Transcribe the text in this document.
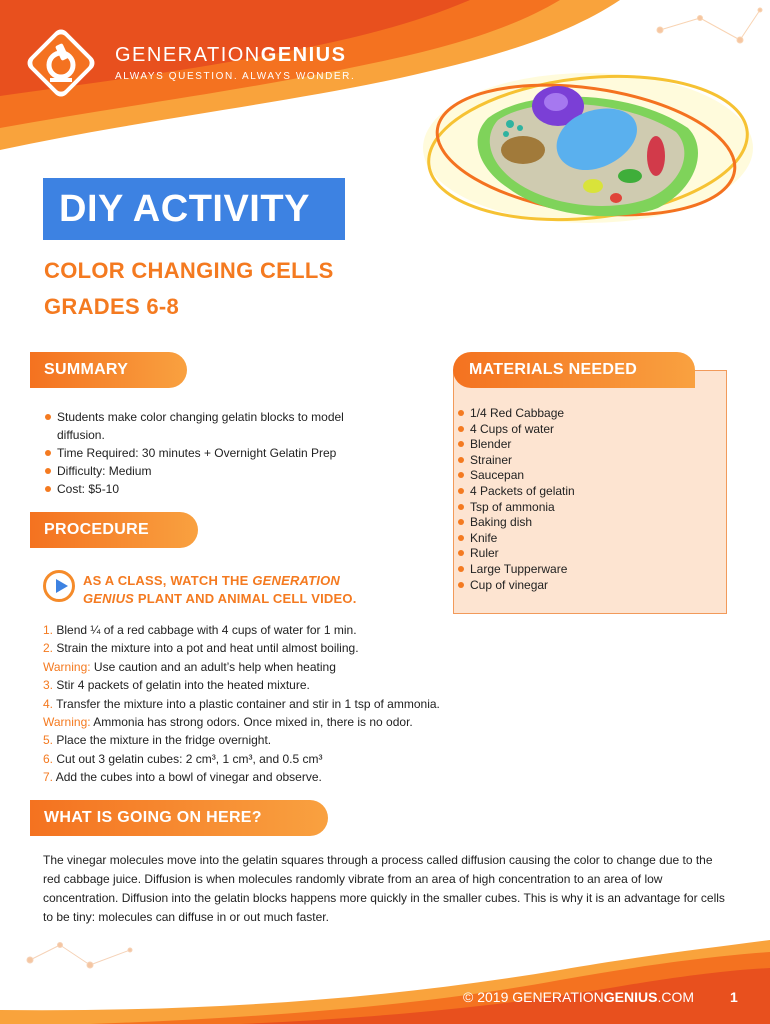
GENERATIONGENIUS
ALWAYS QUESTION. ALWAYS WONDER.
DIY ACTIVITY
COLOR CHANGING CELLS
GRADES 6-8
SUMMARY
Students make color changing gelatin blocks to model diffusion.
Time Required: 30 minutes + Overnight Gelatin Prep
Difficulty: Medium
Cost: $5-10
MATERIALS NEEDED
1/4 Red Cabbage
4 Cups of water
Blender
Strainer
Saucepan
4 Packets of gelatin
Tsp of ammonia
Baking dish
Knife
Ruler
Large Tupperware
Cup of vinegar
PROCEDURE
AS A CLASS, WATCH THE GENERATION
GENIUS PLANT AND ANIMAL CELL VIDEO.
1. Blend ¼ of a red cabbage with 4 cups of water for 1 min.
2. Strain the mixture into a pot and heat until almost boiling.
Warning: Use caution and an adult’s help when heating
3. Stir 4 packets of gelatin into the heated mixture.
4. Transfer the mixture into a plastic container and stir in 1 tsp of ammonia.
Warning: Ammonia has strong odors. Once mixed in, there is no odor.
5. Place the mixture in the fridge overnight.
6. Cut out 3 gelatin cubes: 2 cm³, 1 cm³, and 0.5 cm³
7. Add the cubes into a bowl of vinegar and observe.
WHAT IS GOING ON HERE?
The vinegar molecules move into the gelatin squares through a process called diffusion causing the color to change due to the red cabbage juice. Diffusion is when molecules randomly vibrate from an area of high concentration to an area of low concentration. Diffusion into the gelatin blocks happens more quickly in the smaller cubes. This is why it is an advantage for cells to be tiny: molecules can diffuse in or out much faster.
© 2019 GENERATIONGENIUS.COM	1
